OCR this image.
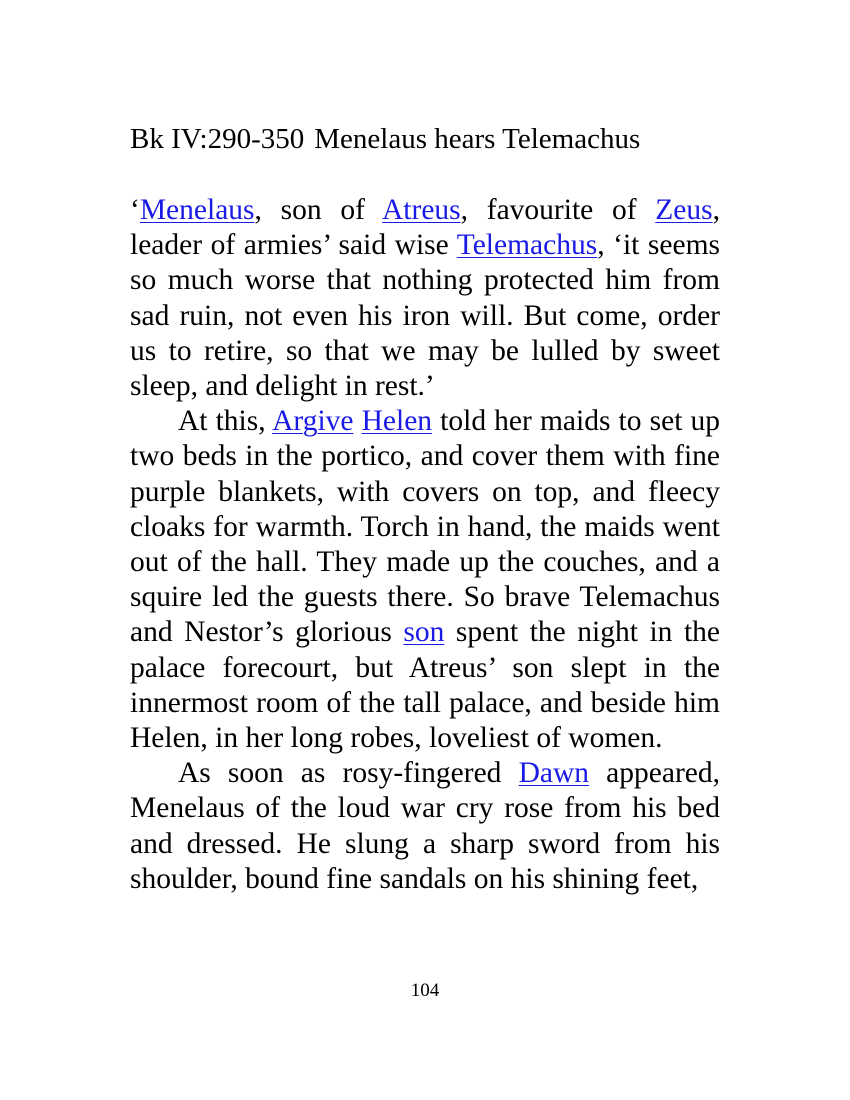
Bk IV:290-350 Menelaus hears Telemachus

‘Menelaus, son of Atreus, favourite of Zeus, leader of armies’ said wise Telemachus, ‘it seems so much worse that nothing protected him from sad ruin, not even his iron will. But come, order us to retire, so that we may be lulled by sweet sleep, and delight in rest.’

At this, Argive Helen told her maids to set up two beds in the portico, and cover them with fine purple blankets, with covers on top, and fleecy cloaks for warmth. Torch in hand, the maids went out of the hall. They made up the couches, and a squire led the guests there. So brave Telemachus and Nestor’s glorious son spent the night in the palace forecourt, but Atreus’ son slept in the innermost room of the tall palace, and beside him Helen, in her long robes, loveliest of women.

As soon as rosy-fingered Dawn appeared, Menelaus of the loud war cry rose from his bed and dressed. He slung a sharp sword from his shoulder, bound fine sandals on his shining feet,

104
